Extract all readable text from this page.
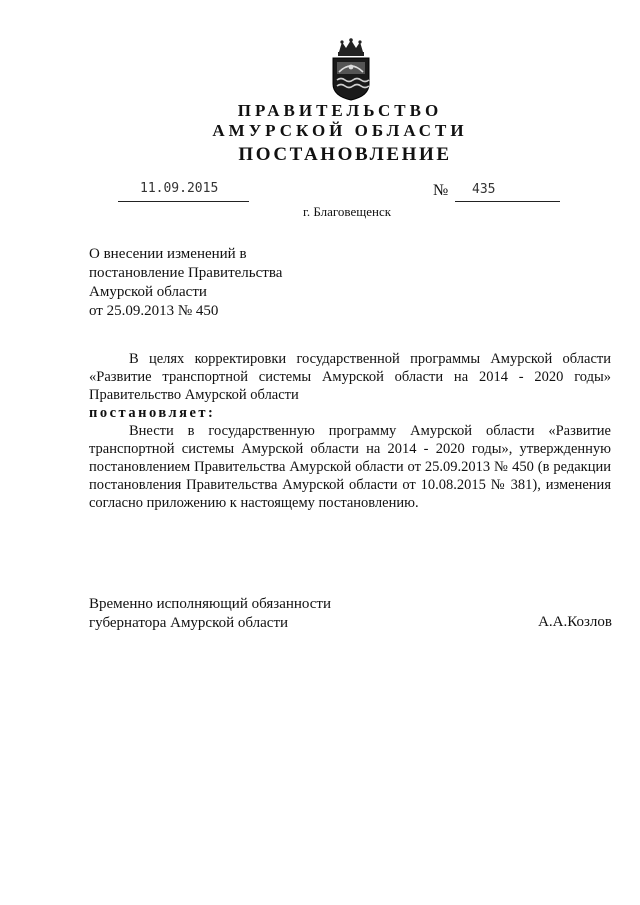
ПРАВИТЕЛЬСТВО
АМУРСКОЙ ОБЛАСТИ
ПОСТАНОВЛЕНИЕ
11.09.2015	№ 435
г. Благовещенск
О внесении изменений в
постановление Правительства
Амурской области
от 25.09.2013 № 450

В целях корректировки государственной программы Амурской области «Развитие транспортной системы Амурской области на 2014 - 2020 годы» Правительство Амурской области

постановляет:

Внести в государственную программу Амурской области «Развитие транспортной системы Амурской области на 2014 - 2020 годы», утвержденную постановлением Правительства Амурской области от 25.09.2013 № 450 (в редакции постановления Правительства Амурской области от 10.08.2015 № 381), изменения согласно приложению к настоящему постановлению.

Временно исполняющий обязанности
губернатора Амурской области	А.А.Козлов
